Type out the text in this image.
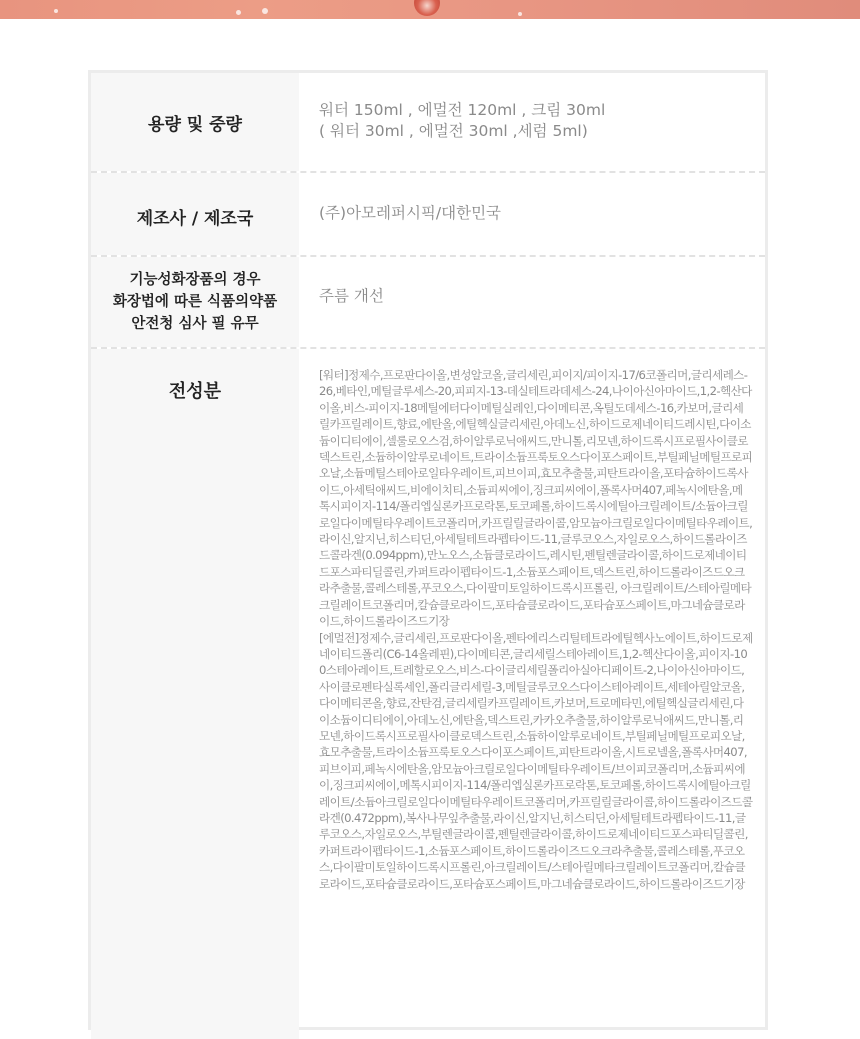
용량 및 중량
워터 150ml , 에멀전 120ml , 크림 30ml
( 워터 30ml , 에멀전 30ml ,세럼 5ml)
제조사 / 제조국	(주)아모레퍼시픽/대한민국
기능성화장품의 경우
화장법에 따른 식품의약품
안전청 심사 필 유무
주름 개선
전성분

[워터]정제수,프로판다이올,변성알코올,글리세린,피이지/피이지-17/6코폴리머,글리세레스-26,베타인,메틸글루세스-20,피피지-13-데실테트라데세스-24,나이아신아마이드,1,2-헥산다이올,비스-피이지-18메틸에터다이메틸실레인,다이메티콘,옥틸도데세스-16,카보머,글리세릴카프릴레이트,향료,에탄올,에틸헥실글리세린,아데노신,하이드로제네이티드레시틴,다이소듐이디티에이,셀룰로오스검,하이알루로닉애씨드,만니톨,리모넨,하이드록시프로필사이클로덱스트린,소듐하이알루로네이트,트라이소듐프룩토오스다이포스페이트,부틸페닐메틸프로피오날,소듐메틸스테아로일타우레이트,피브이피,효모추출물,피탄트라이올,포타슘하이드록사이드,아세틱애씨드,비에이치티,소듐피씨에이,징크피씨에이,폴록사머407,페녹시에탄올,메톡시피이지-114/폴리엡실론카프로락톤,토코페롤,하이드록시에틸아크릴레이트/소듐아크릴로일다이메틸타우레이트코폴리머,카프릴릴글라이콜,암모늄아크릴로일다이메틸타우레이트,라이신,알지닌,히스티딘,아세틸테트라펩타이드-11,글루코오스,자일로오스,하이드롤라이즈드콜라겐(0.094ppm),만노오스,소듐클로라이드,레시틴,펜틸렌글라이콜,하이드로제네이티드포스파티딜콜린,카퍼트라이펩타이드-1,소듐포스페이트,덱스트린,하이드롤라이즈드오크라추출물,콜레스테롤,푸코오스,다이팔미토일하이드록시프롤린, 아크릴레이트/스테아릴메타크릴레이트코폴리머,칼슘클로라이드,포타슘클로라이드,포타슘포스페이트,마그네슘클로라이드,하이드롤라이즈드기장

[에멀전]정제수,글리세린,프로판다이올,펜타에리스리틸테트라에틸헥사노에이트,하이드로제네이티드폴리(C6-14올레핀),다이메티콘,글리세릴스테아레이트,1,2-헥산다이올,피이지-100스테아레이트,트레할로오스,비스-다이글리세릴폴리아실아디페이트-2,나이아신아마이드,사이클로펜타실록세인,폴리글리세릴-3,메틸글루코오스다이스테아레이트,세테아릴알코올,다이메티콘올,향료,잔탄검,글리세릴카프릴레이트,카보머,트로메타민,에틸헥실글리세린,다이소듐이디티에이,아데노신,에탄올,덱스트린,카카오추출물,하이알루로닉애씨드,만니톨,리모넨,하이드록시프로필사이클로덱스트린,소듐하이알루로네이트,부틸페닐메틸프로피오날,효모추출물,트라이소듐프룩토오스다이포스페이트,피탄트라이올,시트로넬올,폴록사머407,피브이피,페녹시에탄올,암모늄아크릴로일다이메틸타우레이트/브이피코폴리머,소듐피씨에이,징크피씨에이,메톡시피이지-114/폴리엡실론카프로락톤,토코페롤,하이드록시에틸아크릴레이트/소듐아크릴로일다이메틸타우레이트코폴리머,카프릴릴글라이콜,하이드롤라이즈드콜라겐(0.472ppm),복사나무잎추출물,라이신,알지닌,히스티딘,아세틸테트라펩타이드-11,글루코오스,자일로오스,부틸렌글라이콜,펜틸렌글라이콜,하이드로제네이티드포스파티딜콜린,카퍼트라이펩타이드-1,소듐포스페이트,하이드롤라이즈드오크라추출물,콜레스테롤,푸코오스,다이팔미토일하이드록시프롤린,아크릴레이트/스테아릴메타크릴레이트코폴리머,칼슘클로라이드,포타슘클로라이드,포타슘포스페이트,마그네슘클로라이드,하이드롤라이즈드기장
